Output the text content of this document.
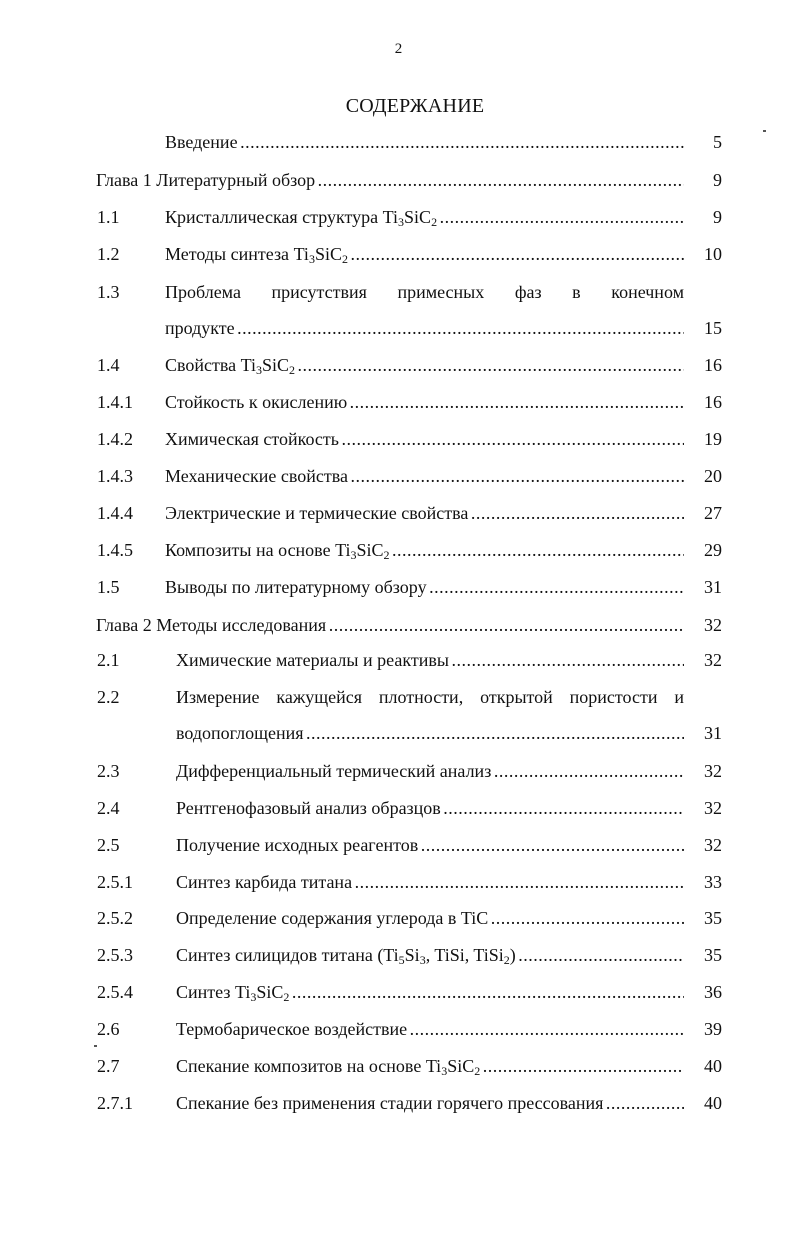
2
СОДЕРЖАНИЕ
Введение . . .	5
Глава 1 Литературный обзор . . .	9
1.1	Кристаллическая структура $Ti_3SiC_2$ . . .	9
1.2	Методы синтеза $Ti_3SiC_2$ . . .	10
1.3	Проблема присутствия примесных фаз в конечном
продукте . . .	15
1.4	Свойства $Ti_3SiC_2$ . . .	16
1.4.1 Стойкость к окислению . . .	16
1.4.2 Химическая стойкость . . .	19
1.4.3 Механические свойства . . .	20
1.4.4 Электрические и термические свойства . . .	27
1.4.5 Композиты на основе $Ti_3SiC_2$ . . .	29
1.5	Выводы по литературному обзору . . .	31
Глава 2 Методы исследования . . .	32
2.1	Химические материалы и реактивы . . .	32
2.2	Измерение кажущейся плотности, открытой пористости и
водопоглощения . . .	31
2.3	Дифференциальный термический анализ . . .	32
2.4	Рентгенофазовый анализ образцов . . .	32
2.5	Получение исходных реагентов . . .	32
2.5.1 Синтез карбида титана . . .	33
2.5.2 Определение содержания углерода в TiC . . .	35
2.5.3 Синтез силицидов титана ($Ti_5Si_3$, TiSi, TiSi$_2$) . . .	35
2.5.4 Синтез $Ti_3SiC_2$ . . .	36
2.6	Термобарическое воздействие . . .	39
2.7	Спекание композитов на основе $Ti_3SiC_2$ . . .	40
2.7.1 Спекание без применения стадии горячего прессования . . .	40
